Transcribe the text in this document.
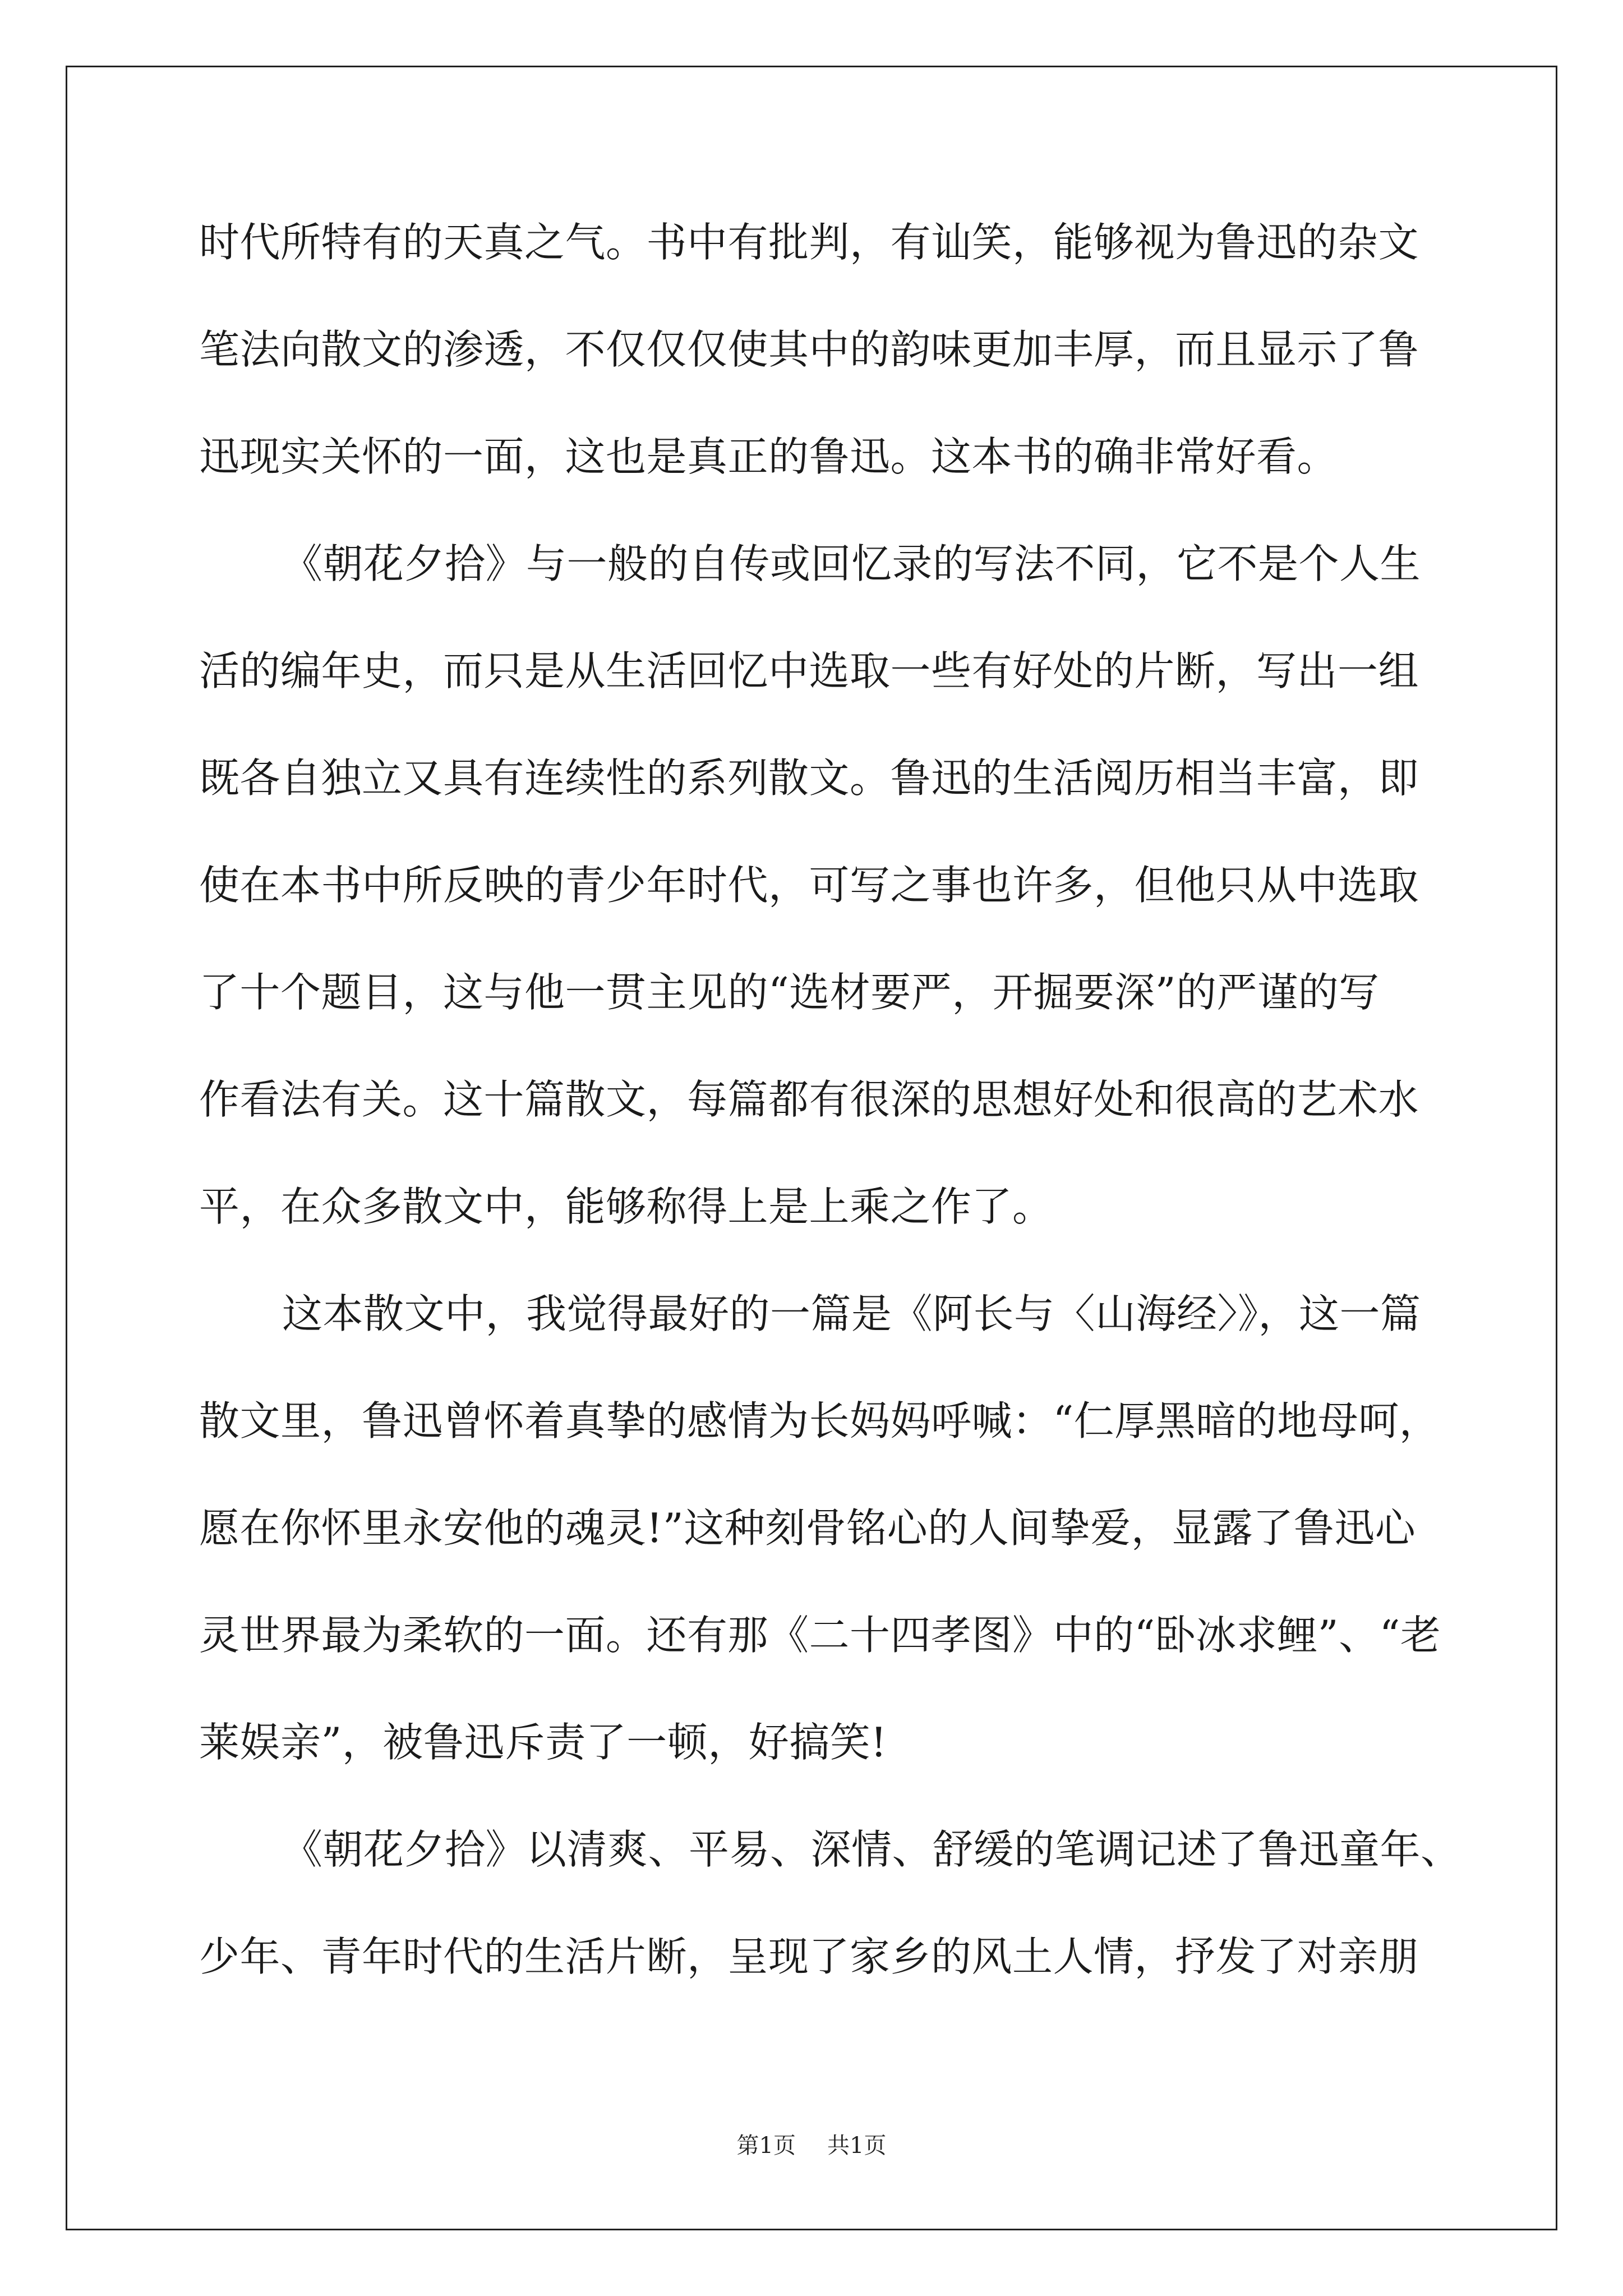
时代所特有的天真之气。书中有批判，有讪笑，能够视为鲁迅的杂文
笔法向散文的渗透，不仅仅仅使其中的韵味更加丰厚，而且显示了鲁
迅现实关怀的一面，这也是真正的鲁迅。这本书的确非常好看。
《朝花夕拾》与一般的自传或回忆录的写法不同，它不是个人生
活的编年史，而只是从生活回忆中选取一些有好处的片断，写出一组
既各自独立又具有连续性的系列散文。鲁迅的生活阅历相当丰富，即
使在本书中所反映的青少年时代，可写之事也许多，但他只从中选取
了十个题目，这与他一贯主见的“选材要严，开掘要深”的严谨的写
作看法有关。这十篇散文，每篇都有很深的思想好处和很高的艺术水
平，在众多散文中，能够称得上是上乘之作了。
这本散文中，我觉得最好的一篇是《阿长与〈山海经〉》，这一篇
散文里，鲁迅曾怀着真挚的感情为长妈妈呼喊：“仁厚黑暗的地母呵，
愿在你怀里永安他的魂灵!”这种刻骨铭心的人间挚爱，显露了鲁迅心
灵世界最为柔软的一面。还有那《二十四孝图》中的“卧冰求鲤”、“老
莱娱亲”，被鲁迅斥责了一顿，好搞笑!
《朝花夕拾》以清爽、平易、深情、舒缓的笔调记述了鲁迅童年、
少年、青年时代的生活片断，呈现了家乡的风土人情，抒发了对亲朋
第1页 共1页
